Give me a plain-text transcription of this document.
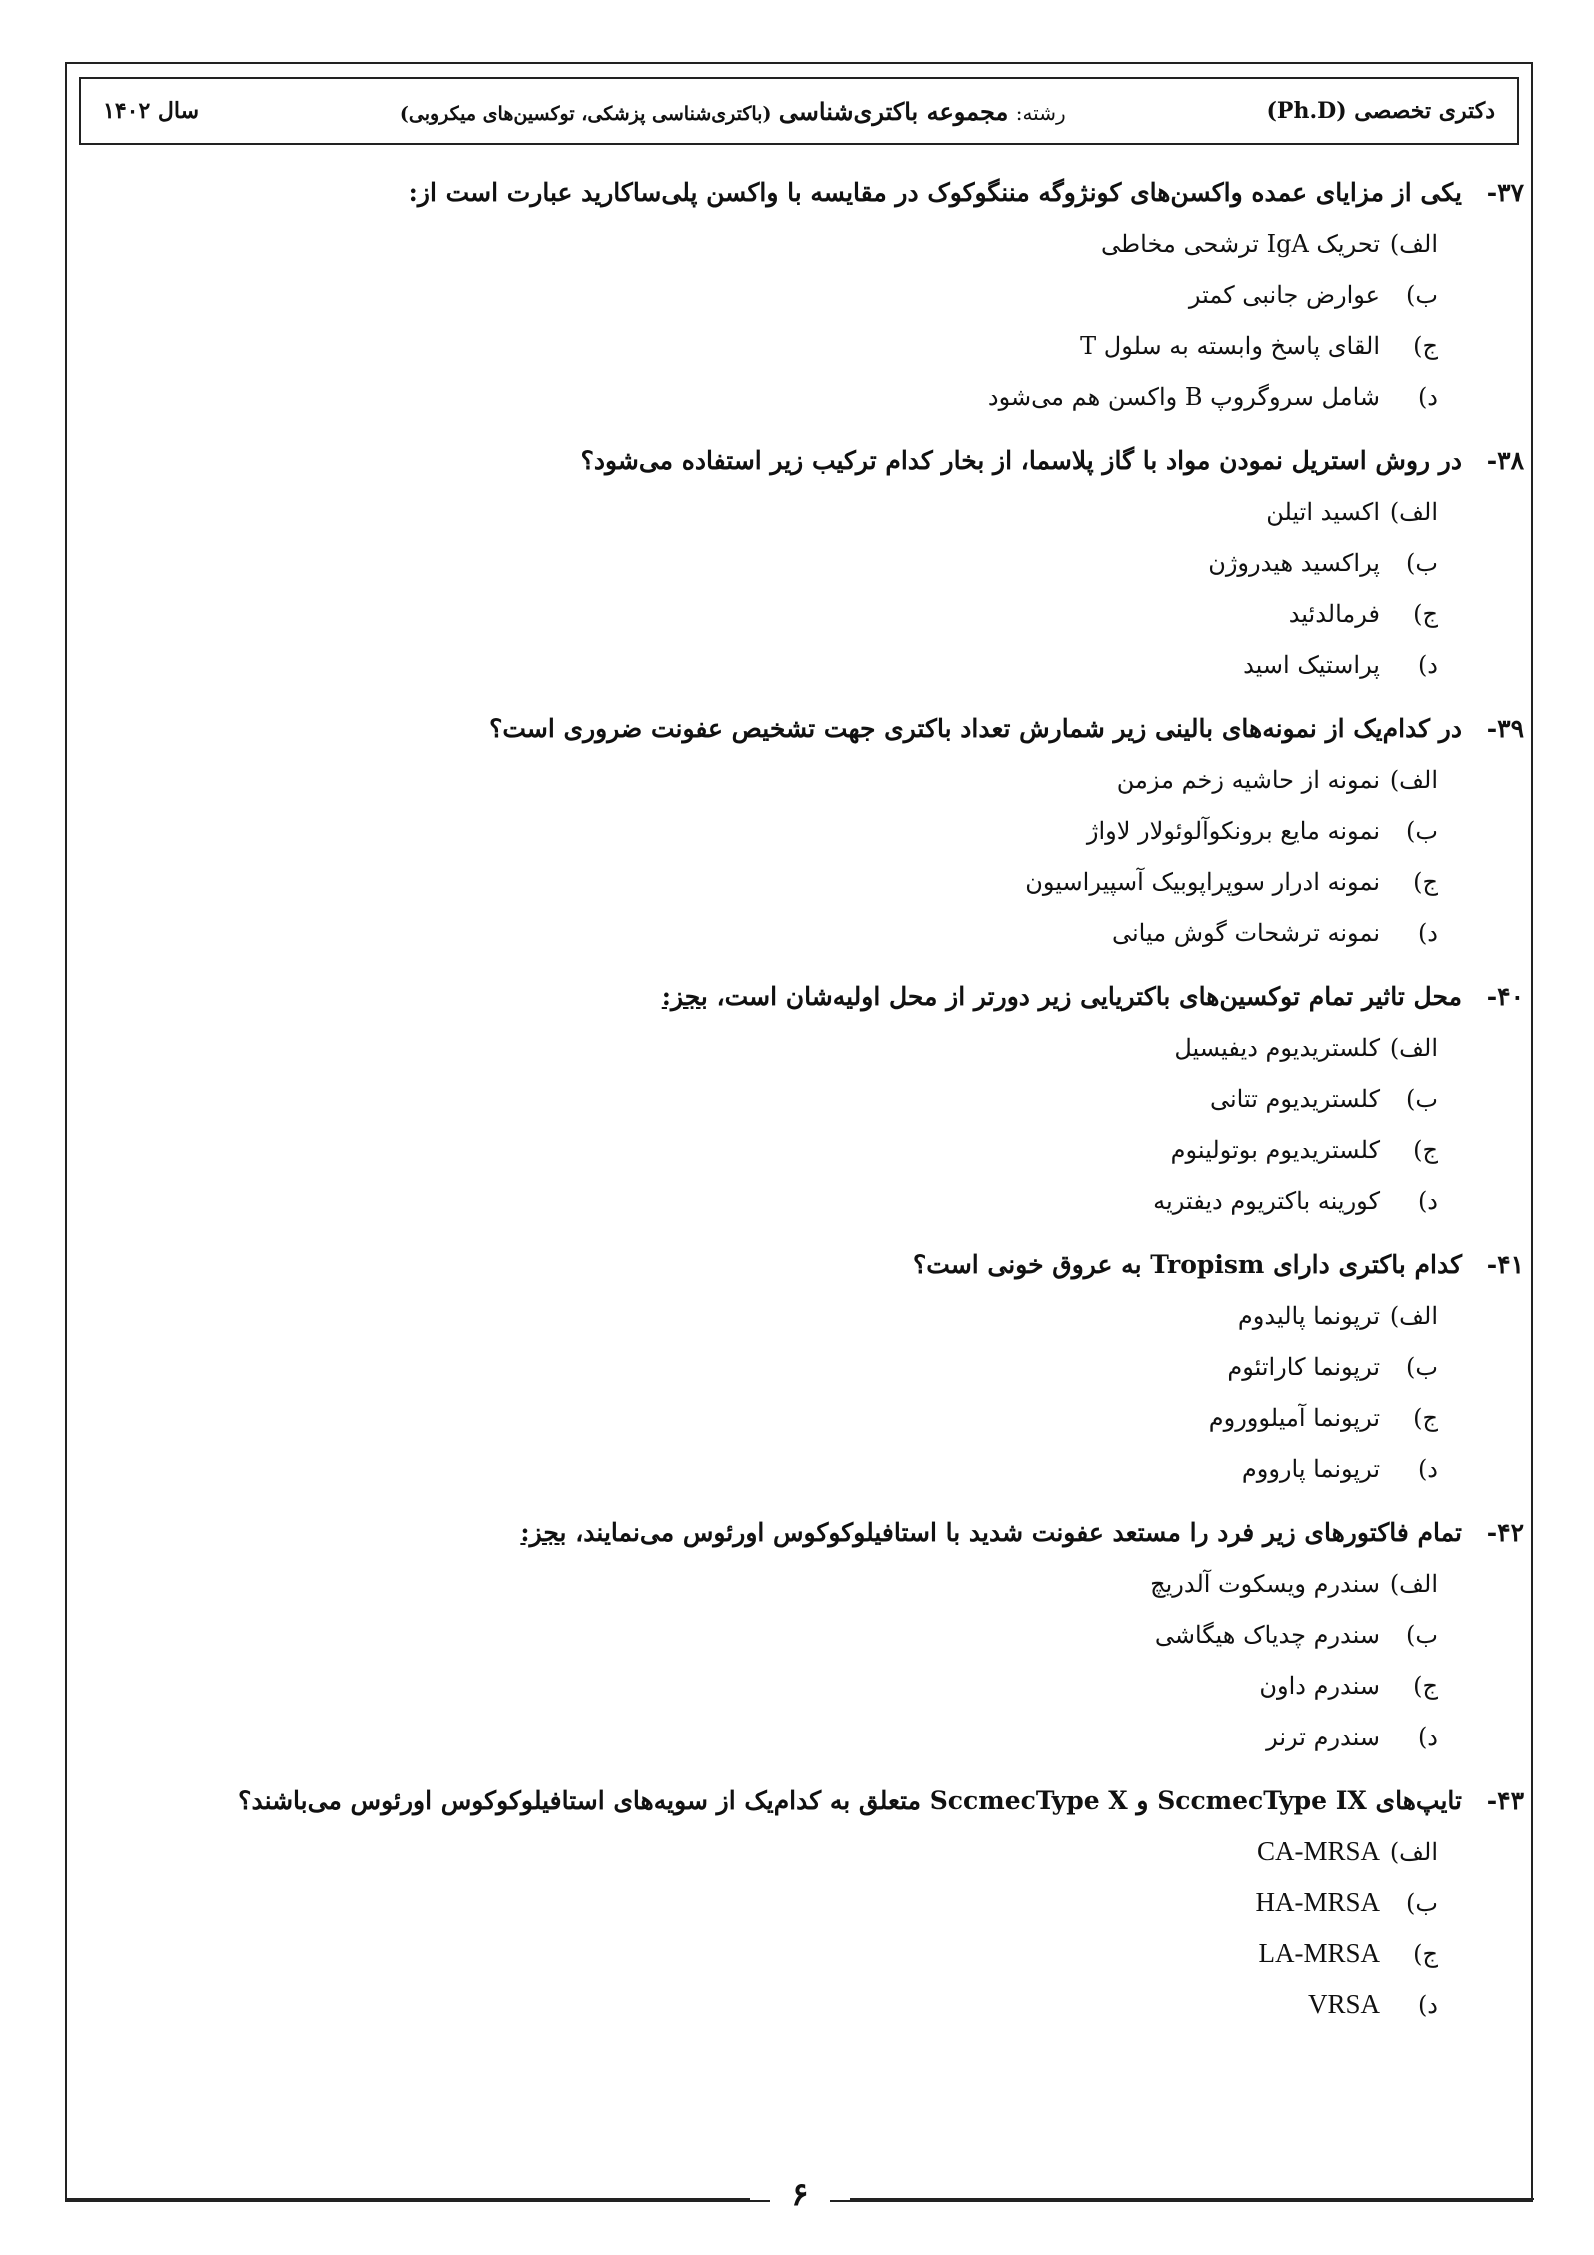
دکتری تخصصی (Ph.D)
رشته: مجموعه باکتری‌شناسی (باکتری‌شناسی پزشکی، توکسین‌های میکروبی)
سال ۱۴۰۲
۳۷-
یکی از مزایای عمده واکسن‌های کونژوگه مننگوکوک در مقایسه با واکسن پلی‌ساکارید عبارت است از:
الف)
تحریک IgA ترشحی مخاطی
ب)
عوارض جانبی کمتر
ج)
القای پاسخ وابسته به سلول T
د)
شامل سروگروپ B واکسن هم می‌شود
۳۸-
در روش استریل نمودن مواد با گاز پلاسما، از بخار کدام ترکیب زیر استفاده می‌شود؟
الف)
اکسید اتیلن
ب)
پراکسید هیدروژن
ج)
فرمالدئید
د)
پراستیک اسید
۳۹-
در کدام‌یک از نمونه‌های بالینی زیر شمارش تعداد باکتری جهت تشخیص عفونت ضروری است؟
الف)
نمونه از حاشیه زخم مزمن
ب)
نمونه مایع برونکوآلوئولار لاواژ
ج)
نمونه ادرار سوپراپوبیک آسپیراسیون
د)
نمونه ترشحات گوش میانی
۴۰-
محل تاثیر تمام توکسین‌های باکتریایی زیر دورتر از محل اولیه‌شان است، بجز:
الف)
کلستریدیوم دیفیسیل
ب)
کلستریدیوم تتانی
ج)
کلستریدیوم بوتولینوم
د)
کورینه باکتریوم دیفتریه
۴۱-
کدام باکتری دارای Tropism به عروق خونی است؟
الف)
ترپونما پالیدوم
ب)
ترپونما کاراتئوم
ج)
ترپونما آمیلووروم
د)
ترپونما پارووم
۴۲-
تمام فاکتورهای زیر فرد را مستعد عفونت شدید با استافیلوکوکوس اورئوس می‌نمایند، بجز:
الف)
سندرم ویسکوت آلدریچ
ب)
سندرم چدیاک هیگاشی
ج)
سندرم داون
د)
سندرم ترنر
۴۳-
تایپ‌های SccmecType IX و SccmecType X متعلق به کدام‌یک از سویه‌های استافیلوکوکوس اورئوس می‌باشند؟
الف)
CA-MRSA
ب)
HA-MRSA
ج)
LA-MRSA
د)
VRSA
۶
